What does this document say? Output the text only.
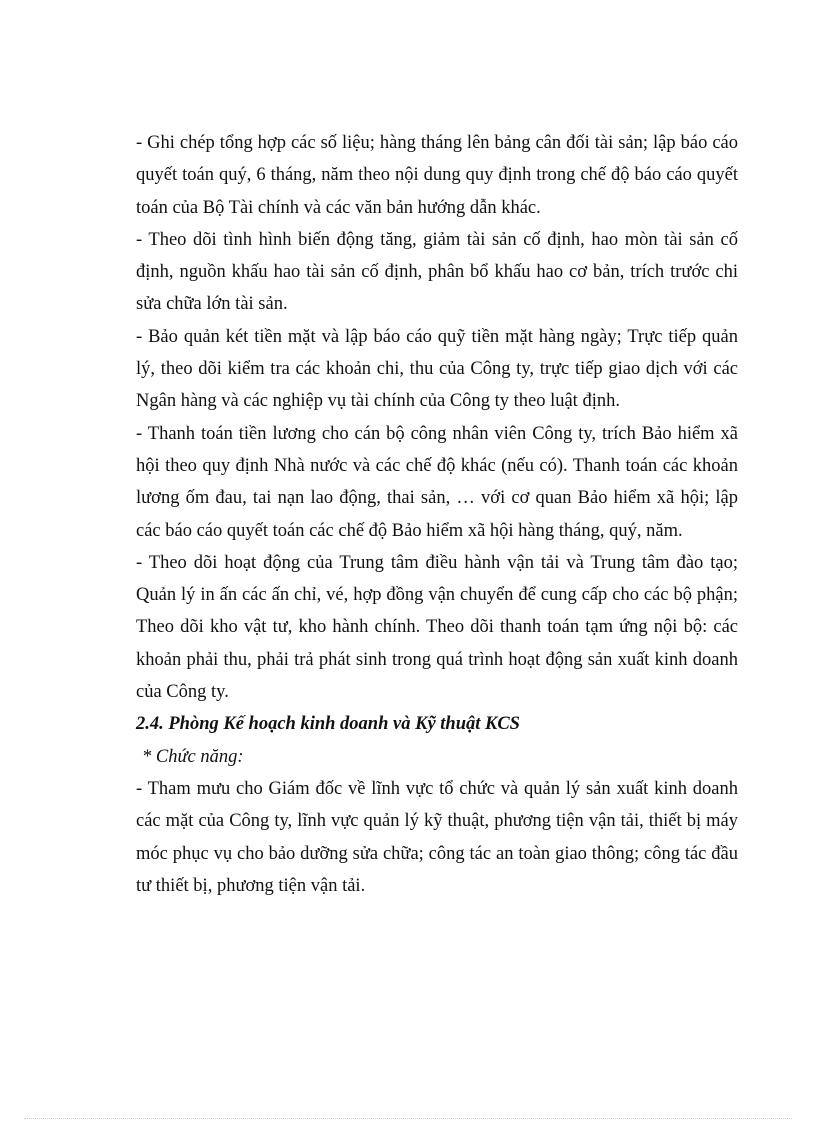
- Ghi chép tổng hợp các số liệu; hàng tháng lên bảng cân đối tài sản; lập báo cáo quyết toán quý, 6 tháng, năm theo nội dung quy định trong chế độ báo cáo quyết toán của Bộ Tài chính và các văn bản hướng dẫn khác.

- Theo dõi tình hình biến động tăng, giảm tài sản cố định, hao mòn tài sản cố định, nguồn khấu hao tài sản cố định, phân bổ khấu hao cơ bản, trích trước chi sửa chữa lớn tài sản.

- Bảo quản két tiền mặt và lập báo cáo quỹ tiền mặt hàng ngày; Trực tiếp quản lý, theo dõi kiểm tra các khoản chi, thu của Công ty, trực tiếp giao dịch với các Ngân hàng và các nghiệp vụ tài chính của Công ty theo luật định.

- Thanh toán tiền lương cho cán bộ công nhân viên Công ty, trích Bảo hiểm xã hội theo quy định Nhà nước và các chế độ khác (nếu có). Thanh toán các khoản lương ốm đau, tai nạn lao động, thai sản, … với cơ quan Bảo hiểm xã hội; lập các báo cáo quyết toán các chế độ Bảo hiểm xã hội hàng tháng, quý, năm.

- Theo dõi hoạt động của Trung tâm điều hành vận tải và Trung tâm đào tạo; Quản lý in ấn các ấn chỉ, vé, hợp đồng vận chuyển để cung cấp cho các bộ phận; Theo dõi kho vật tư, kho hành chính. Theo dõi thanh toán tạm ứng nội bộ: các khoản phải thu, phải trả phát sinh trong quá trình hoạt động sản xuất kinh doanh của Công ty.

2.4. Phòng Kế hoạch kinh doanh và Kỹ thuật KCS

* Chức năng:

- Tham mưu cho Giám đốc về lĩnh vực tổ chức và quản lý sản xuất kinh doanh các mặt của Công ty, lĩnh vực quản lý kỹ thuật, phương tiện vận tải, thiết bị máy móc phục vụ cho bảo dưỡng sửa chữa; công tác an toàn giao thông; công tác đầu tư thiết bị, phương tiện vận tải.
